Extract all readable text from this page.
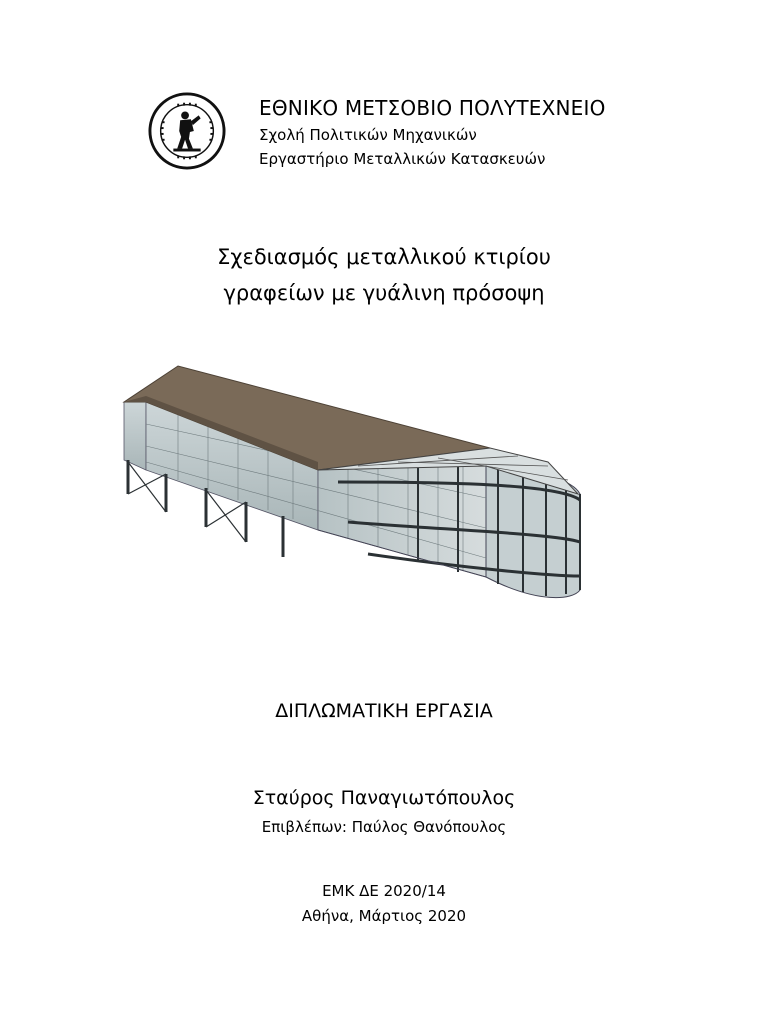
ΕΘΝΙΚΟ ΜΕΤΣΟΒΙΟ ΠΟΛΥΤΕΧΝΕΙΟ
Σχολή Πολιτικών Μηχανικών
Εργαστήριο Μεταλλικών Κατασκευών
Σχεδιασμός μεταλλικού κτιρίου
γραφείων με γυάλινη πρόσοψη
ΔΙΠΛΩΜΑΤΙΚΗ ΕΡΓΑΣΙΑ
Σταύρος Παναγιωτόπουλος
Επιβλέπων: Παύλος Θανόπουλος
ΕΜΚ ΔΕ 2020/14
Αθήνα, Μάρτιος 2020
